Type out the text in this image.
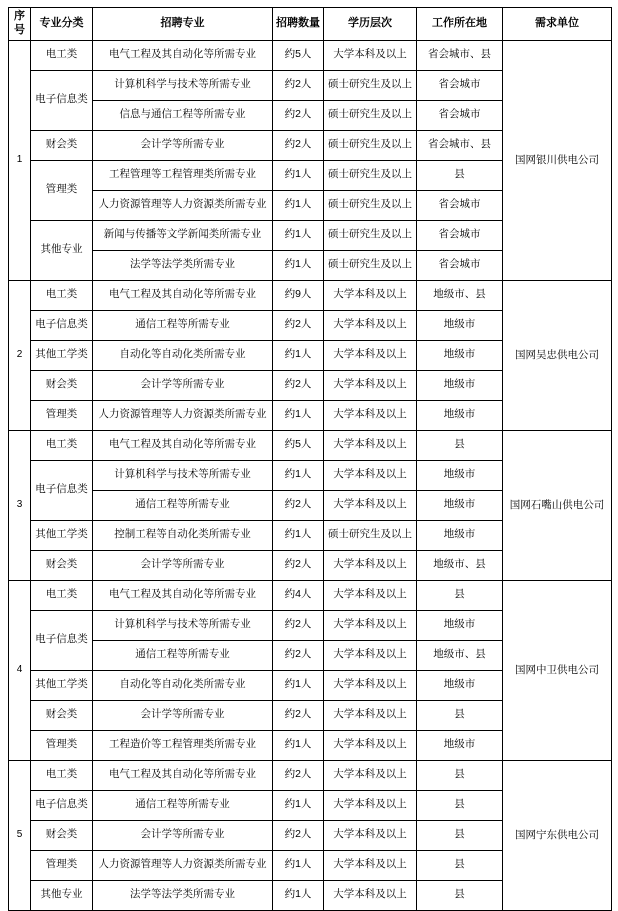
序号	专业分类	招聘专业	招聘数量	学历层次	工作所在地	需求单位
1	电工类	电气工程及其自动化等所需专业	约5人	大学本科及以上	省会城市、县	国网银川供电公司
	电子信息类	计算机科学与技术等所需专业	约2人	硕士研究生及以上	省会城市	
		信息与通信工程等所需专业	约2人	硕士研究生及以上	省会城市	
	财会类	会计学等所需专业	约2人	硕士研究生及以上	省会城市、县	
	管理类	工程管理等工程管理类所需专业	约1人	硕士研究生及以上	县	
		人力资源管理等人力资源类所需专业	约1人	硕士研究生及以上	省会城市	
	其他专业	新闻与传播等文学新闻类所需专业	约1人	硕士研究生及以上	省会城市	
		法学等法学类所需专业	约1人	硕士研究生及以上	省会城市	
2	电工类	电气工程及其自动化等所需专业	约9人	大学本科及以上	地级市、县	国网吴忠供电公司
	电子信息类	通信工程等所需专业	约2人	大学本科及以上	地级市	
	其他工学类	自动化等自动化类所需专业	约1人	大学本科及以上	地级市	
	财会类	会计学等所需专业	约2人	大学本科及以上	地级市	
	管理类	人力资源管理等人力资源类所需专业	约1人	大学本科及以上	地级市	
3	电工类	电气工程及其自动化等所需专业	约5人	大学本科及以上	县	国网石嘴山供电公司
	电子信息类	计算机科学与技术等所需专业	约1人	大学本科及以上	地级市	
		通信工程等所需专业	约2人	大学本科及以上	地级市	
	其他工学类	控制工程等自动化类所需专业	约1人	硕士研究生及以上	地级市	
	财会类	会计学等所需专业	约2人	大学本科及以上	地级市、县	
4	电工类	电气工程及其自动化等所需专业	约4人	大学本科及以上	县	国网中卫供电公司
	电子信息类	计算机科学与技术等所需专业	约2人	大学本科及以上	地级市	
		通信工程等所需专业	约2人	大学本科及以上	地级市、县	
	其他工学类	自动化等自动化类所需专业	约1人	大学本科及以上	地级市	
	财会类	会计学等所需专业	约2人	大学本科及以上	县	
	管理类	工程造价等工程管理类所需专业	约1人	大学本科及以上	地级市	
5	电工类	电气工程及其自动化等所需专业	约2人	大学本科及以上	县	国网宁东供电公司
	电子信息类	通信工程等所需专业	约1人	大学本科及以上	县	
	财会类	会计学等所需专业	约2人	大学本科及以上	县	
	管理类	人力资源管理等人力资源类所需专业	约1人	大学本科及以上	县	
	其他专业	法学等法学类所需专业	约1人	大学本科及以上	县	
